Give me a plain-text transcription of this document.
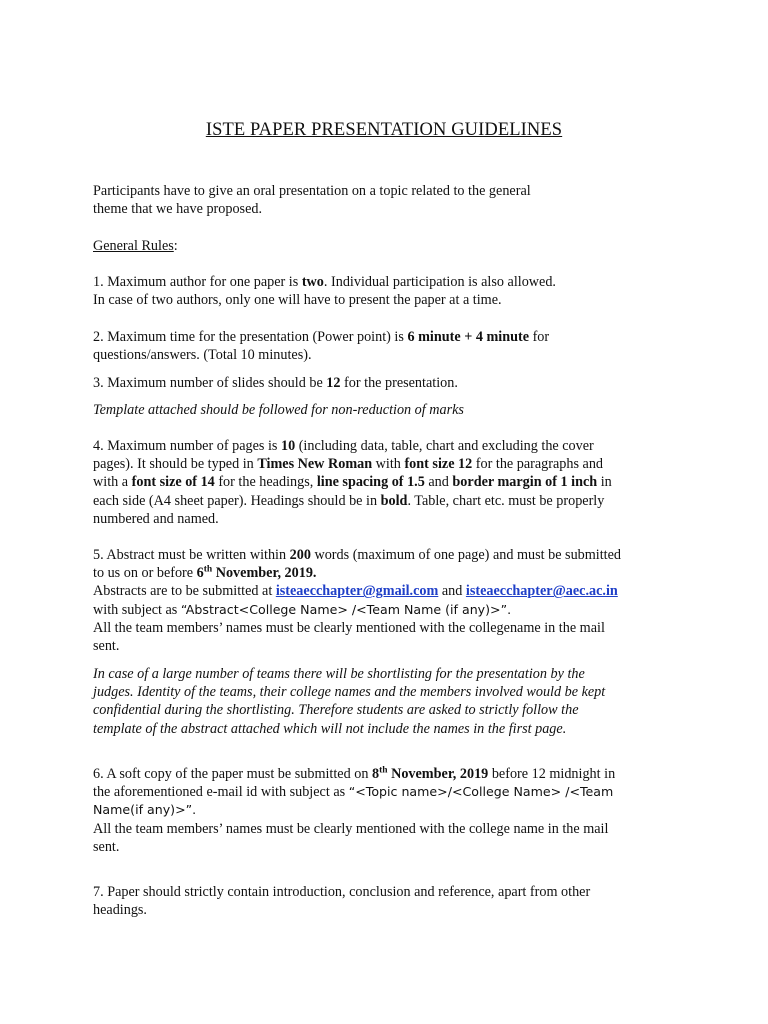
ISTE PAPER PRESENTATION GUIDELINES
Participants have to give an oral presentation on a topic related to the general
theme that we have proposed.
General Rules:
1. Maximum author for one paper is two. Individual participation is also allowed.
In case of two authors, only one will have to present the paper at a time.
2. Maximum time for the presentation (Power point) is 6 minute + 4 minute for
questions/answers. (Total 10 minutes).
3. Maximum number of slides should be 12 for the presentation.
Template attached should be followed for non-reduction of marks
4. Maximum number of pages is 10 (including data, table, chart and excluding the cover
pages). It should be typed in Times New Roman with font size 12 for the paragraphs and
with a font size of 14 for the headings, line spacing of 1.5 and border margin of 1 inch in
each side (A4 sheet paper). Headings should be in bold. Table, chart etc. must be properly
numbered and named.
5. Abstract must be written within 200 words (maximum of one page) and must be submitted
to us on or before 6th November, 2019.
Abstracts are to be submitted at isteaecchapter@gmail.com and isteaecchapter@aec.ac.in
with subject as “Abstract<College Name> /<Team Name (if any)>”.
All the team members’ names must be clearly mentioned with the collegename in the mail
sent.
In case of a large number of teams there will be shortlisting for the presentation by the
judges. Identity of the teams, their college names and the members involved would be kept
confidential during the shortlisting. Therefore students are asked to strictly follow the
template of the abstract attached which will not include the names in the first page.
6. A soft copy of the paper must be submitted on 8th November, 2019 before 12 midnight in
the aforementioned e-mail id with subject as “<Topic name>/<College Name> /<Team
Name(if any)>”.
All the team members’ names must be clearly mentioned with the college name in the mail
sent.
7. Paper should strictly contain introduction, conclusion and reference, apart from other
headings.
